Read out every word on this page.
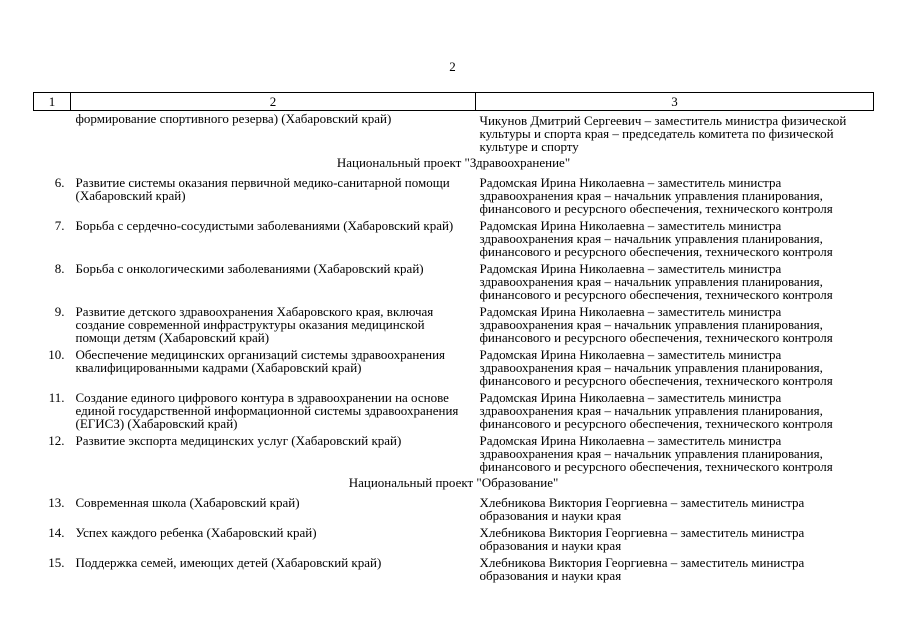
2
1	2	3
	формирование спортивного резерва) (Хабаровский край)	Чикунов Дмитрий Сергеевич – заместитель министра физической культуры и спорта края – председатель комитета по физической культуре и спорту
Национальный проект "Здравоохранение"		
6.	Развитие системы оказания первичной медико-санитарной помощи (Хабаровский край)	Радомская Ирина Николаевна – заместитель министра здравоохранения края – начальник управления планирования, финансового и ресурсного обеспечения, технического контроля
7.	Борьба с сердечно-сосудистыми заболеваниями (Хабаровский край)	Радомская Ирина Николаевна – заместитель министра здравоохранения края – начальник управления планирования, финансового и ресурсного обеспечения, технического контроля
8.	Борьба с онкологическими заболеваниями (Хабаровский край)	Радомская Ирина Николаевна – заместитель министра здравоохранения края – начальник управления планирования, финансового и ресурсного обеспечения, технического контроля
9.	Развитие детского здравоохранения Хабаровского края, включая создание современной инфраструктуры оказания медицинской помощи детям (Хабаровский край)	Радомская Ирина Николаевна – заместитель министра здравоохранения края – начальник управления планирования, финансового и ресурсного обеспечения, технического контроля
10.	Обеспечение медицинских организаций системы здравоохранения квалифицированными кадрами (Хабаровский край)	Радомская Ирина Николаевна – заместитель министра здравоохранения края – начальник управления планирования, финансового и ресурсного обеспечения, технического контроля
11.	Создание единого цифрового контура в здравоохранении на основе единой государственной информационной системы здравоохранения (ЕГИСЗ) (Хабаровский край)	Радомская Ирина Николаевна – заместитель министра здравоохранения края – начальник управления планирования, финансового и ресурсного обеспечения, технического контроля
12.	Развитие экспорта медицинских услуг (Хабаровский край)	Радомская Ирина Николаевна – заместитель министра здравоохранения края – начальник управления планирования, финансового и ресурсного обеспечения, технического контроля
Национальный проект "Образование"		
13.	Современная школа (Хабаровский край)	Хлебникова Виктория Георгиевна – заместитель министра образования и науки края
14.	Успех каждого ребенка (Хабаровский край)	Хлебникова Виктория Георгиевна – заместитель министра образования и науки края
15.	Поддержка семей, имеющих детей (Хабаровский край)	Хлебникова Виктория Георгиевна – заместитель министра образования и науки края
